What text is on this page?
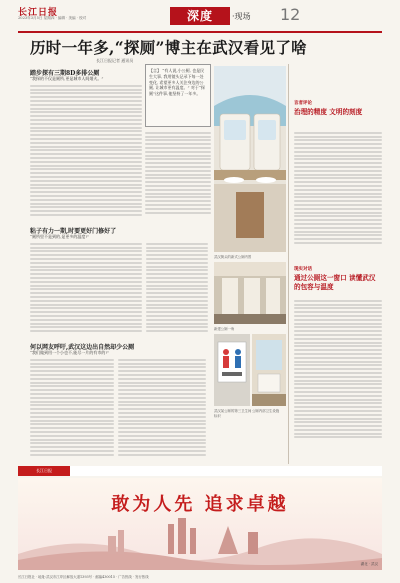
长江日报
2023年3月5日 星期四 · 编辑 · 美编 · 校对	深度	·现场 12
历时一年多,“探厕”博主在武汉看见了啥
长江日报记者 通讯员
踏步探有三期8D多排公厕
“我探的不仅是厕所,更是城市人间烟火。”
粘子有力一期,时要更好门修好了
“厕所里不是到的,是更多的温度!”
何以网友呼吁,武汉这边出自然却少公厕
“我们做到用一个小也不,能尽一片的有市的!”
【言】 “有人说,小公厕, 也是民生大事, 我用镜头记录下每一处变化, 希望更多人关注身边的公厕, 让城市更有温度。” 对于“探厕”这件事,他坚持了一年多。
武汉街头的新式公厕内景
新建公厕一角
武汉某公厕的第三卫生间标识
公厕内部卫生设施
言者评论
治理的精度 文明的刻度
现实对话
通过公厕这一窗口 读懂武汉的包容与温度
长江日报
敢为人先 追求卓越
湖北 · 武汉
长江日报社 · 地址:武汉市江岸区解放大道1393号 · 邮编430015 · 广告热线 · 发行热线
